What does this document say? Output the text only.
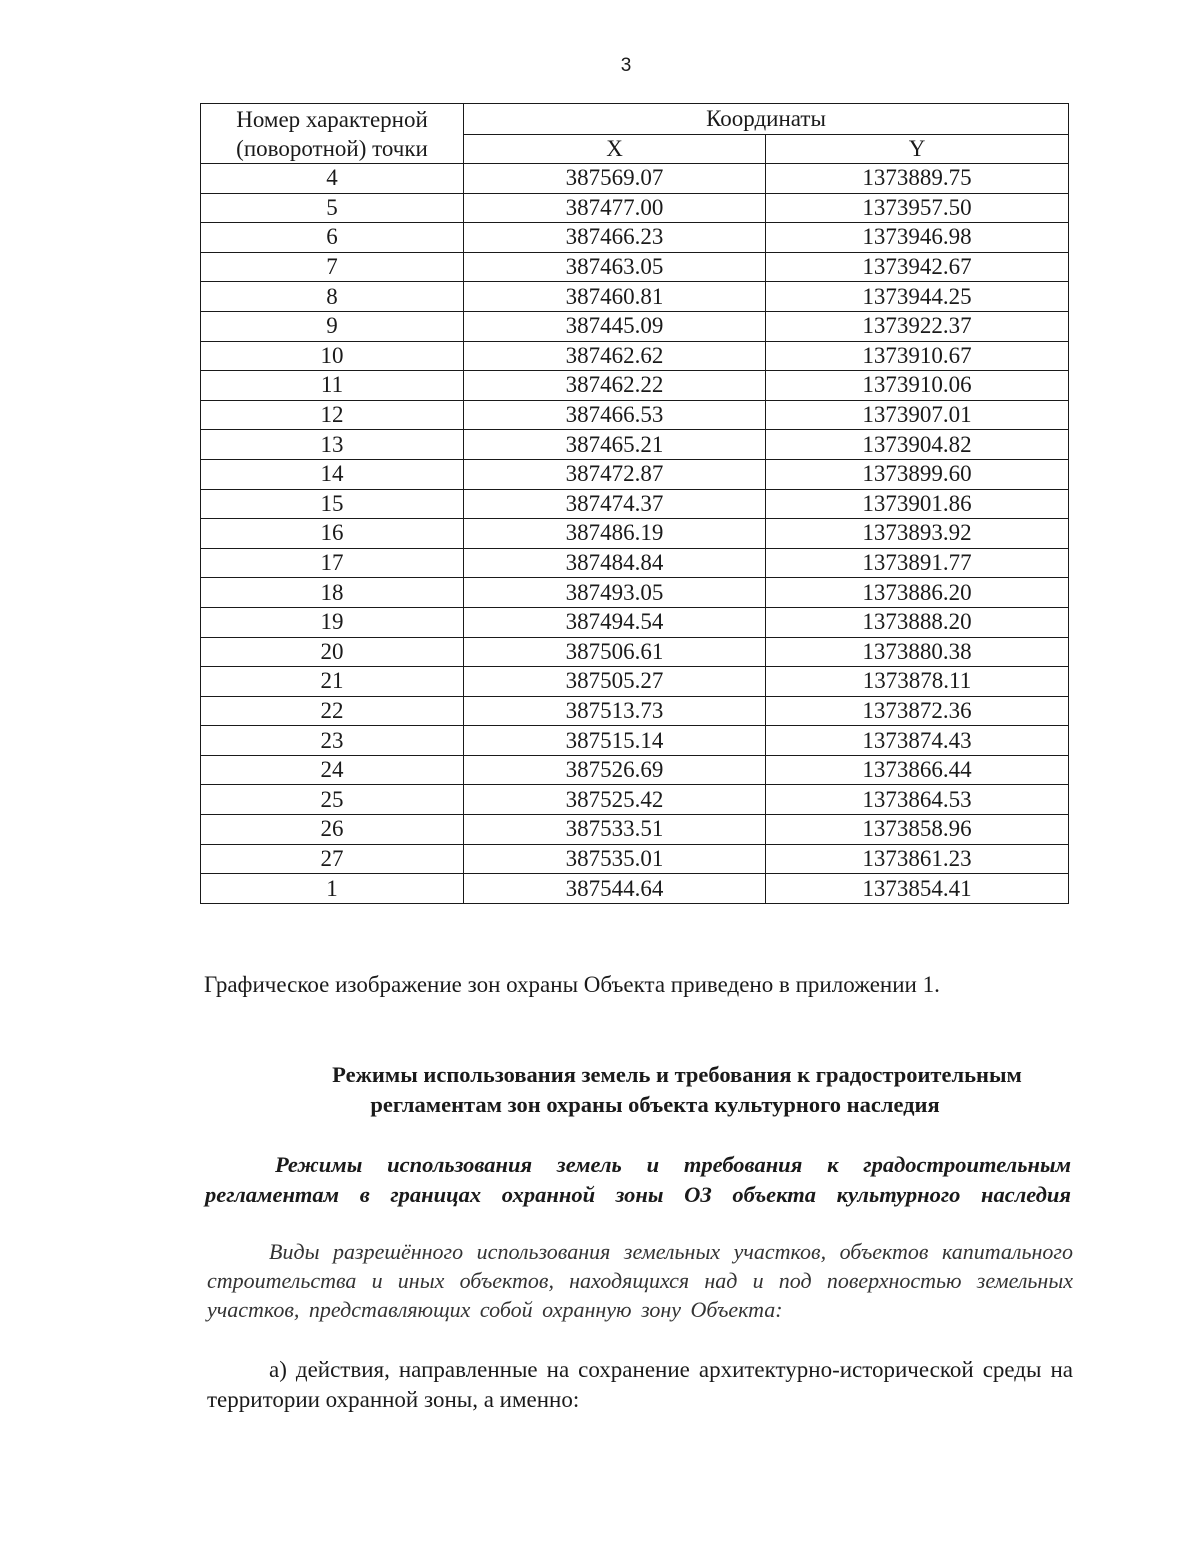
3
Номер характерной
(поворотной) точки	Координаты	
	X	Y
4	387569.07	1373889.75
5	387477.00	1373957.50
6	387466.23	1373946.98
7	387463.05	1373942.67
8	387460.81	1373944.25
9	387445.09	1373922.37
10	387462.62	1373910.67
11	387462.22	1373910.06
12	387466.53	1373907.01
13	387465.21	1373904.82
14	387472.87	1373899.60
15	387474.37	1373901.86
16	387486.19	1373893.92
17	387484.84	1373891.77
18	387493.05	1373886.20
19	387494.54	1373888.20
20	387506.61	1373880.38
21	387505.27	1373878.11
22	387513.73	1373872.36
23	387515.14	1373874.43
24	387526.69	1373866.44
25	387525.42	1373864.53
26	387533.51	1373858.96
27	387535.01	1373861.23
1	387544.64	1373854.41
Графическое изображение зон охраны Объекта приведено в приложении 1.
Режимы использования земель и требования к градостроительным
регламентам зон охраны объекта культурного наследия
Режимы использования земель и требования к градостроительным
регламентам в границах охранной зоны ОЗ объекта культурного наследия
Виды разрешённого использования земельных участков, объектов капитального строительства и иных объектов, находящихся над и под поверхностью земельных участков, представляющих собой охранную зону Объекта:
а) действия, направленные на сохранение архитектурно-исторической среды на территории охранной зоны, а именно:
